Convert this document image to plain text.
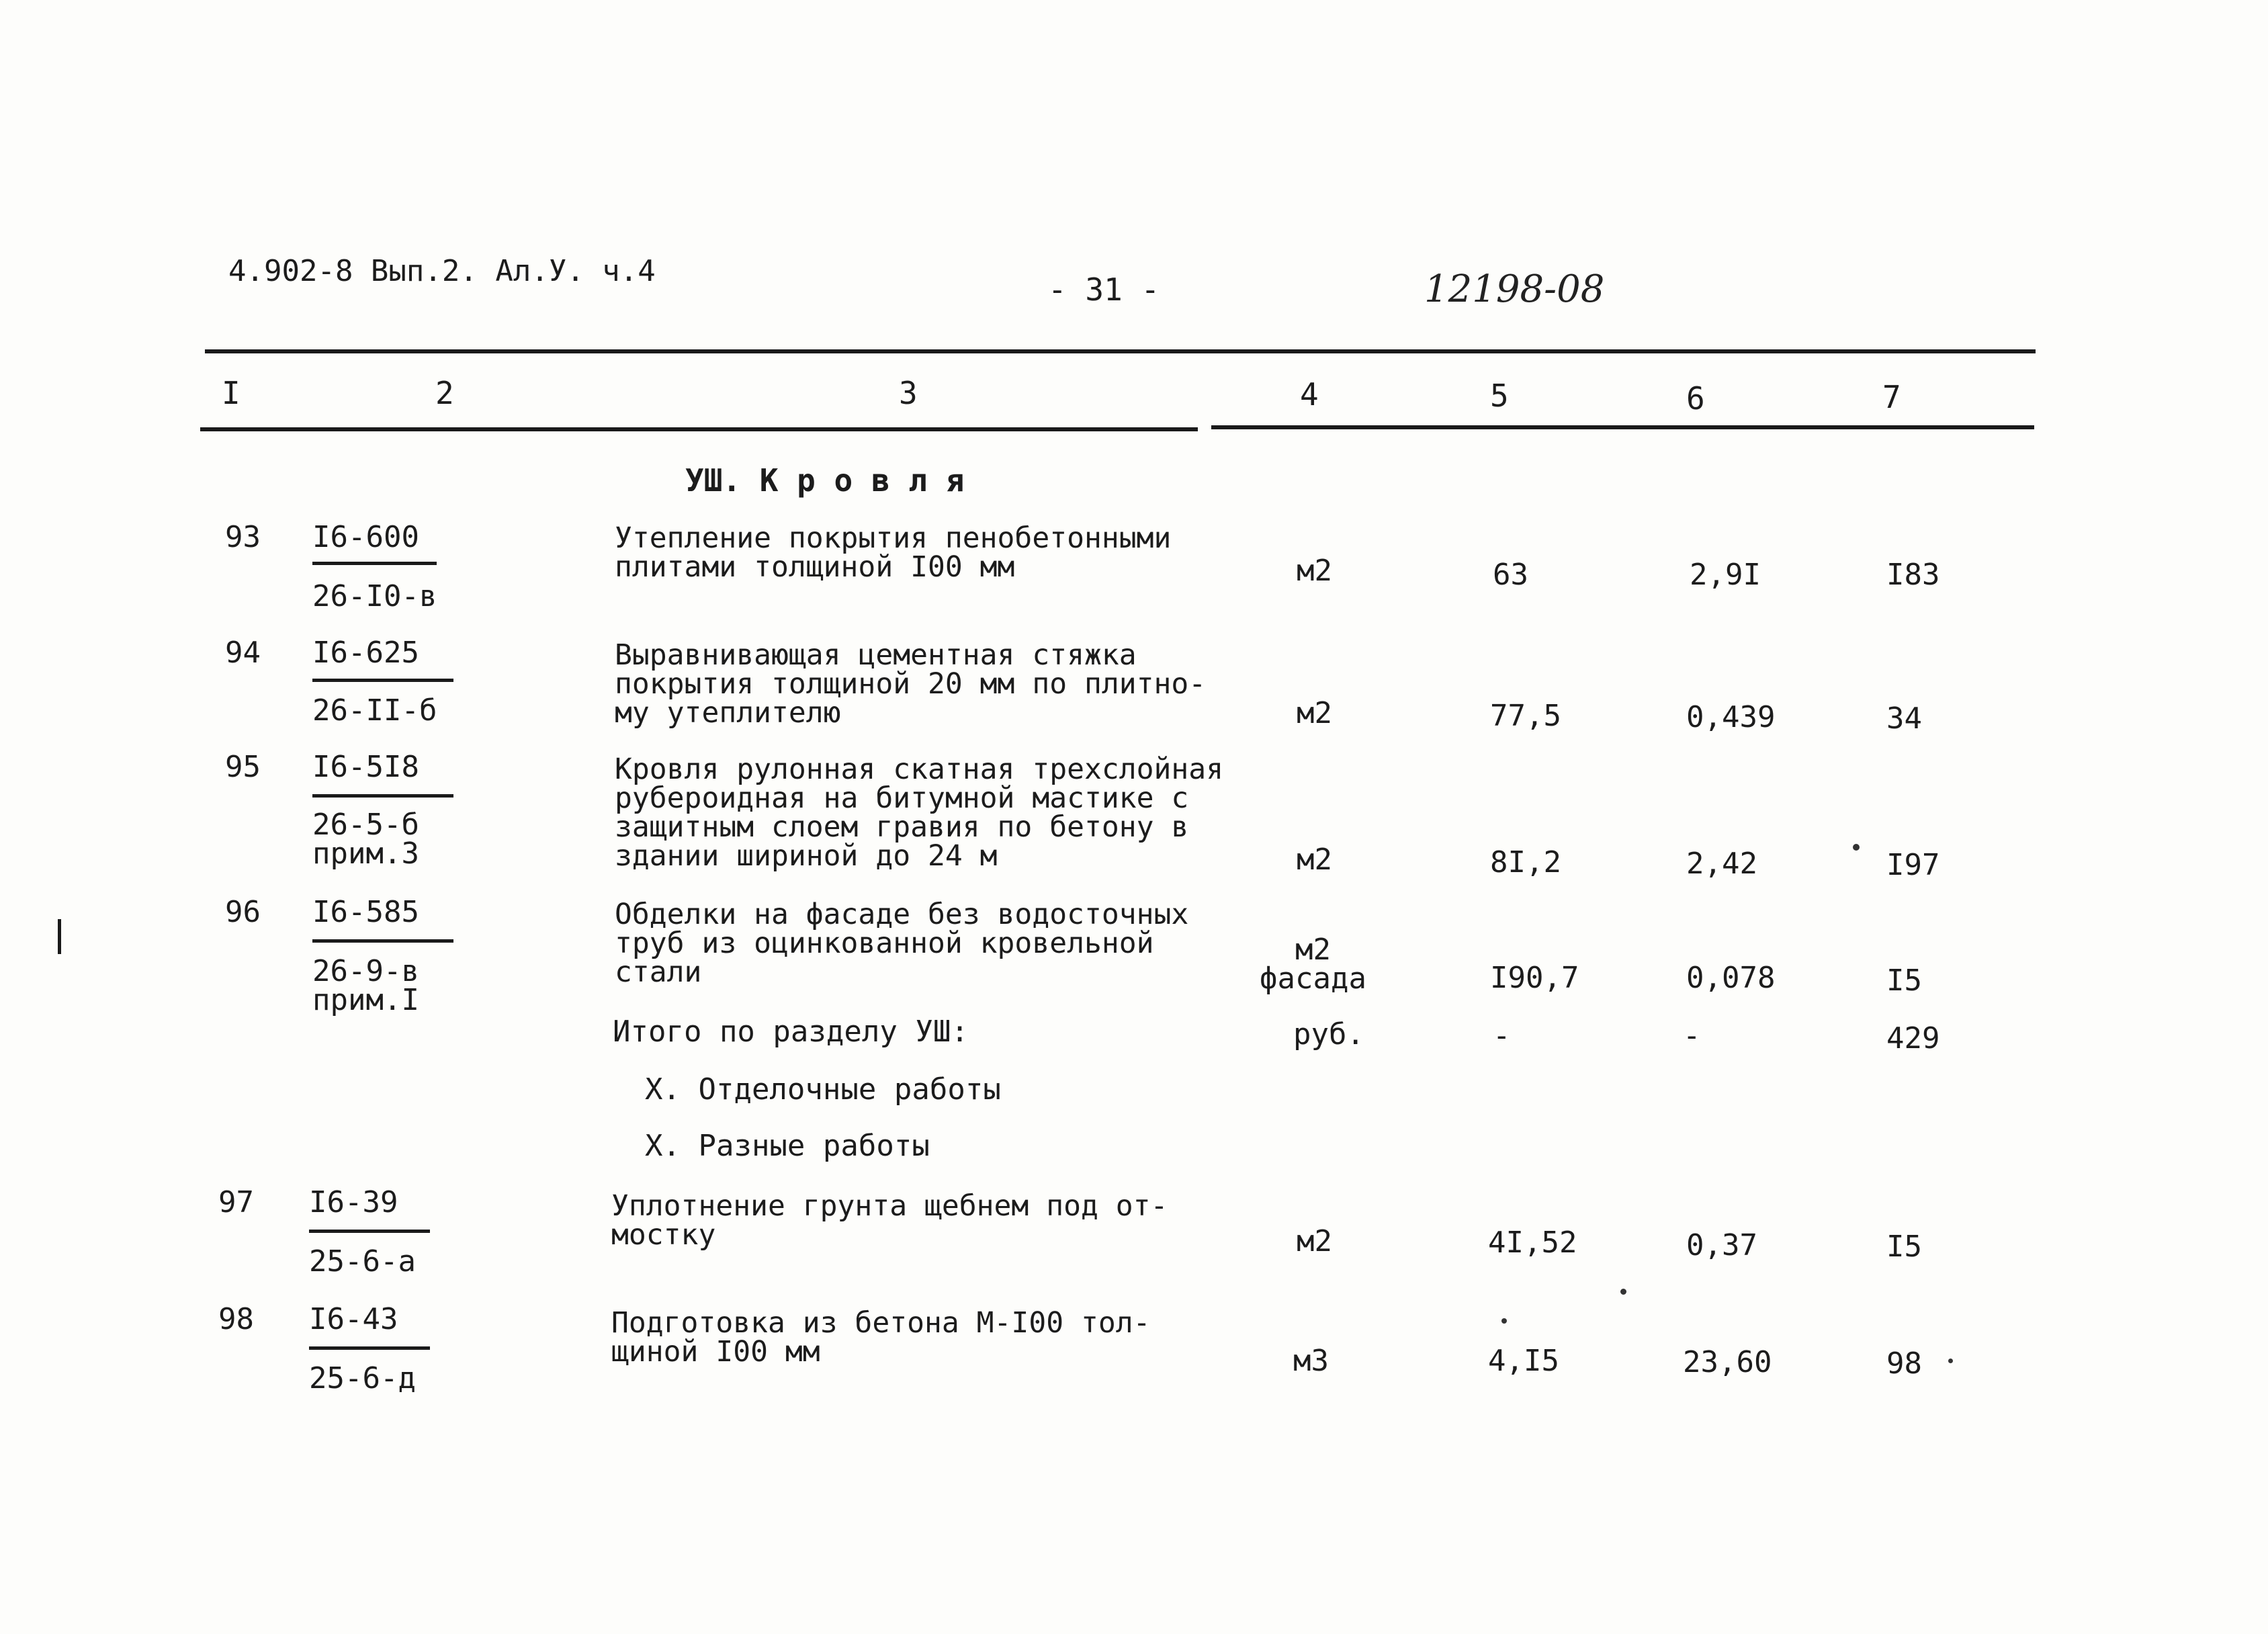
4.902-8 Вып.2. Ал.У. ч.4
- 31 -	12198-08
I	2	3	4	5	6	7
УШ. К р о в л я
93 I6-600
26-I0-в
Утепление покрытия пенобетонными
плитами толщиной I00 мм	м2	63	2,9I	I83
94 I6-625
26-II-б
Выравнивающая цементная стяжка
покрытия толщиной 20 мм по плитно-
му утеплителю	м2	77,5	0,439	34
95 I6-5I8
26-5-б
прим.3
Кровля рулонная скатная трехслойная
рубероидная на битумной мастике с
защитным слоем гравия по бетону в
здании шириной до 24 м	м2	8I,2	2,42	I97
96 I6-585
26-9-в
прим.I
Обделки на фасаде без водосточных
труб из оцинкованной кровельной
стали
м2
фасада	I90,7	0,078	I5
Итого по разделу УШ:	руб.	-	-	429
Х. Отделочные работы
Х. Разные работы
97 I6-39
25-6-а
Уплотнение грунта щебнем под от-
мостку	м2	4I,52	0,37	I5
98 I6-43
25-6-д
Подготовка из бетона М-I00 тол-
щиной I00 мм	м3	4,I5	23,60	98
